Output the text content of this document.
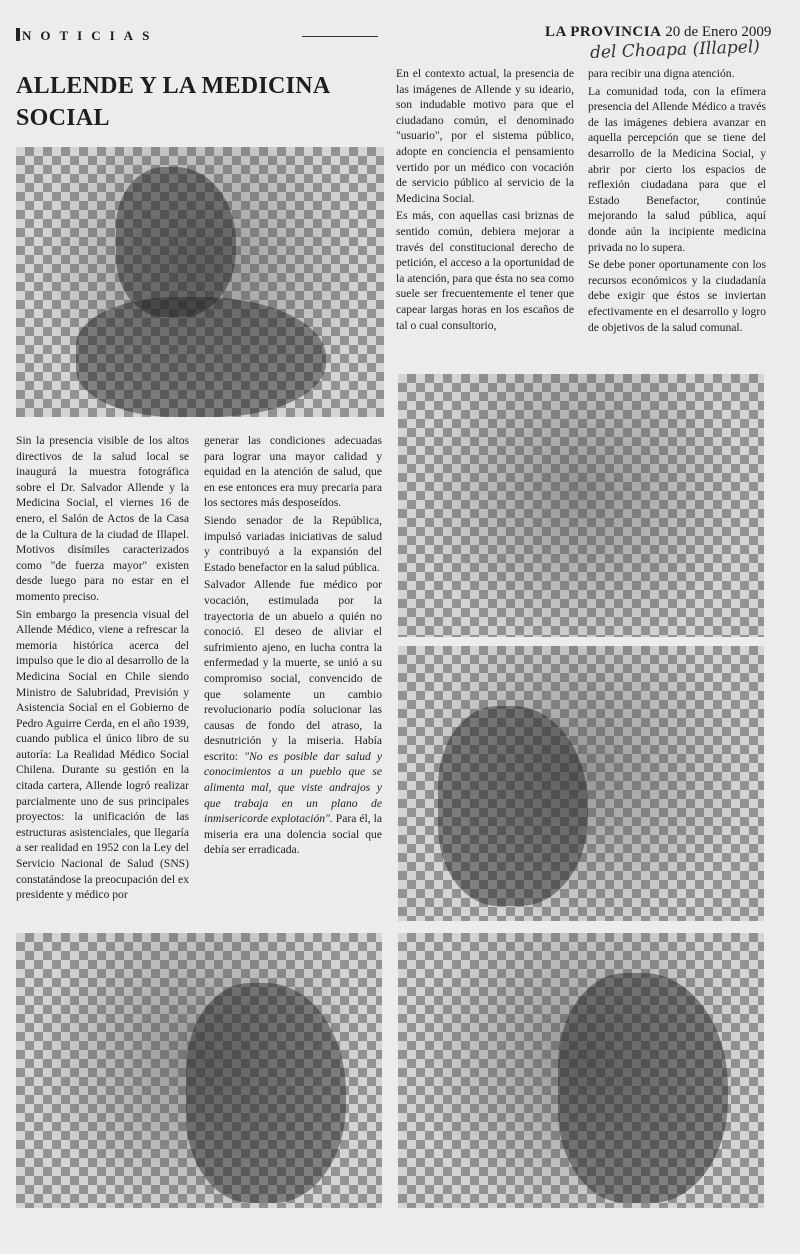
NOTICIAS	LA PROVINCIA 20 de Enero 2009
del Choapa (Illapel)
ALLENDE Y LA MEDICINA SOCIAL

Sin la presencia visible de los altos directivos de la salud local se inaugurá la muestra fotográfica sobre el Dr. Salvador Allende y la Medicina Social, el viernes 16 de enero, el Salón de Actos de la Casa de la Cultura de la ciudad de Illapel. Motivos disímiles caracterizados como "de fuerza mayor" existen desde luego para no estar en el momento preciso.

Sin embargo la presencia visual del Allende Médico, viene a refrescar la memoria histórica acerca del impulso que le dio al desarrollo de la Medicina Social en Chile siendo Ministro de Salubridad, Previsión y Asistencia Social en el Gobierno de Pedro Aguirre Cerda, en el año 1939, cuando publica el único libro de su autoría: La Realidad Médico Social Chilena. Durante su gestión en la citada cartera, Allende logró realizar parcialmente uno de sus principales proyectos: la unificación de las estructuras asistenciales, que llegaría a ser realidad en 1952 con la Ley del Servicio Nacional de Salud (SNS) constatándose la preocupación del ex presidente y médico por

generar las condiciones adecuadas para lograr una mayor calidad y equidad en la atención de salud, que en ese entonces era muy precaria para los sectores más desposeídos.

Siendo senador de la República, impulsó variadas iniciativas de salud y contribuyó a la expansión del Estado benefactor en la salud pública.

Salvador Allende fue médico por vocación, estimulada por la trayectoria de un abuelo a quién no conoció. El deseo de aliviar el sufrimiento ajeno, en lucha contra la enfermedad y la muerte, se unió a su compromiso social, convencido de que solamente un cambio revolucionario podía solucionar las causas de fondo del atraso, la desnutrición y la miseria. Había escrito: "No es posible dar salud y conocimientos a un pueblo que se alimenta mal, que viste andrajos y que trabaja en un plano de inmisericorde explotación". Para él, la miseria era una dolencia social que debía ser erradicada.

En el contexto actual, la presencia de las imágenes de Allende y su ideario, son indudable motivo para que el ciudadano común, el denominado "usuario", por el sistema público, adopte en conciencia el pensamiento vertido por un médico con vocación de servicio público al servicio de la Medicina Social.

Es más, con aquellas casi briznas de sentido común, debiera mejorar a través del constitucional derecho de petición, el acceso a la oportunidad de la atención, para que ésta no sea como suele ser frecuentemente el tener que capear largas horas en los escaños de tal o cual consultorio,

para recibir una digna atención.

La comunidad toda, con la efímera presencia del Allende Médico a través de las imágenes debiera avanzar en aquella percepción que se tiene del desarrollo de la Medicina Social, y abrir por cierto los espacios de reflexión ciudadana para que el Estado Benefactor, continúe mejorando la salud pública, aquí donde aún la incipiente medicina privada no lo supera.

Se debe poner oportunamente con los recursos económicos y la ciudadanía debe exigir que éstos se inviertan efectivamente en el desarrollo y logro de objetivos de la salud comunal.
